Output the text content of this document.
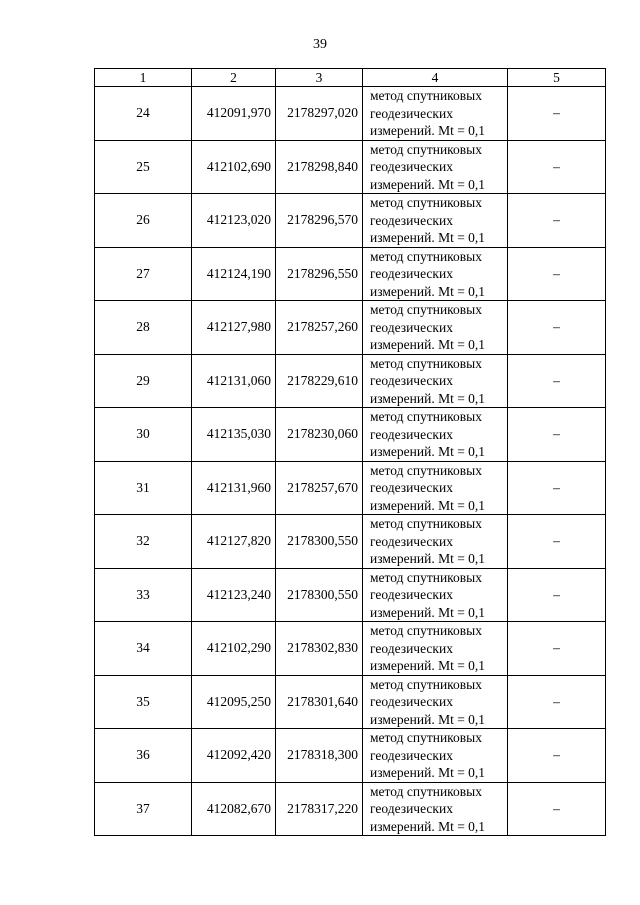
39
1	2	3	4	5
24	412091,970	2178297,020	метод спутниковых
геодезических
измерений. Mt = 0,1	–
25	412102,690	2178298,840	метод спутниковых
геодезических
измерений. Mt = 0,1	–
26	412123,020	2178296,570	метод спутниковых
геодезических
измерений. Mt = 0,1	–
27	412124,190	2178296,550	метод спутниковых
геодезических
измерений. Mt = 0,1	–
28	412127,980	2178257,260	метод спутниковых
геодезических
измерений. Mt = 0,1	–
29	412131,060	2178229,610	метод спутниковых
геодезических
измерений. Mt = 0,1	–
30	412135,030	2178230,060	метод спутниковых
геодезических
измерений. Mt = 0,1	–
31	412131,960	2178257,670	метод спутниковых
геодезических
измерений. Mt = 0,1	–
32	412127,820	2178300,550	метод спутниковых
геодезических
измерений. Mt = 0,1	–
33	412123,240	2178300,550	метод спутниковых
геодезических
измерений. Mt = 0,1	–
34	412102,290	2178302,830	метод спутниковых
геодезических
измерений. Mt = 0,1	–
35	412095,250	2178301,640	метод спутниковых
геодезических
измерений. Mt = 0,1	–
36	412092,420	2178318,300	метод спутниковых
геодезических
измерений. Mt = 0,1	–
37	412082,670	2178317,220	метод спутниковых
геодезических
измерений. Mt = 0,1	–
